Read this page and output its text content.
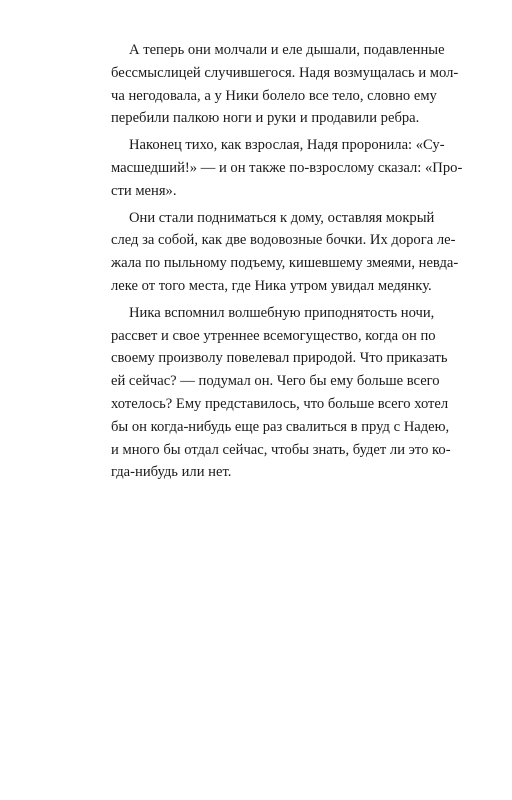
А теперь они молчали и еле дышали, подавленные
бессмыслицей случившегося. Надя возмущалась и мол-
ча негодовала, а у Ники болело все тело, словно ему
перебили палкою ноги и руки и продавили ребра.
Наконец тихо, как взрослая, Надя проронила: «Су-
масшедший!» — и он также по-взрослому сказал: «Про-
сти меня».
Они стали подниматься к дому, оставляя мокрый
след за собой, как две водовозные бочки. Их дорога ле-
жала по пыльному подъему, кишевшему змеями, невда-
леке от того места, где Ника утром увидал медянку.
Ника вспомнил волшебную приподнятость ночи,
рассвет и свое утреннее всемогущество, когда он по
своему произволу повелевал природой. Что приказать
ей сейчас? — подумал он. Чего бы ему больше всего
хотелось? Ему представилось, что больше всего хотел
бы он когда-нибудь еще раз свалиться в пруд с Надею,
и много бы отдал сейчас, чтобы знать, будет ли это ко-
гда-нибудь или нет.
